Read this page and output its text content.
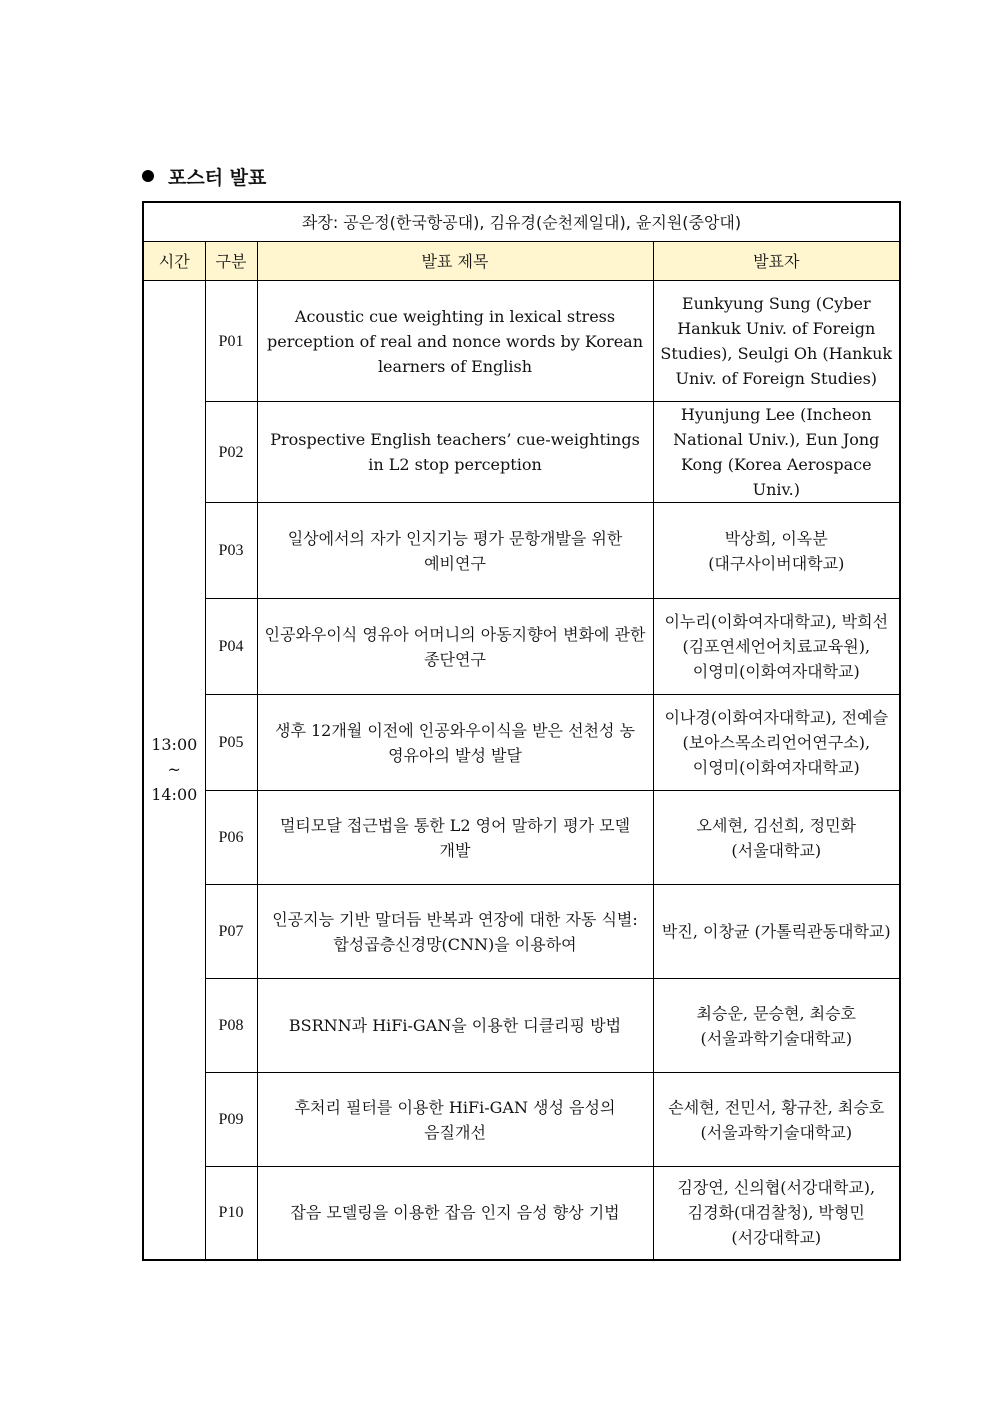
포스터 발표
좌장: 공은정(한국항공대), 김유경(순천제일대), 윤지원(중앙대)			
시간	구분	발표 제목	발표자

13:00
~
14:00	P01	Acoustic cue weighting in lexical stress perception of real and nonce words by Korean learners of English	Eunkyung Sung (Cyber Hankuk Univ. of Foreign Studies), Seulgi Oh (Hankuk Univ. of Foreign Studies)
	P02	Prospective English teachers’ cue-weightings in L2 stop perception	Hyunjung Lee (Incheon National Univ.), Eun Jong Kong (Korea Aerospace Univ.)
	P03	일상에서의 자가 인지기능 평가 문항개발을 위한 예비연구	박상희, 이옥분 (대구사이버대학교)
	P04	인공와우이식 영유아 어머니의 아동지향어 변화에 관한 종단연구	이누리(이화여자대학교), 박희선(김포연세언어치료교육원), 이영미(이화여자대학교)
	P05	생후 12개월 이전에 인공와우이식을 받은 선천성 농 영유아의 발성 발달	이나경(이화여자대학교), 전예슬(보아스목소리언어연구소), 이영미(이화여자대학교)
	P06	멀티모달 접근법을 통한 L2 영어 말하기 평가 모델 개발	오세현, 김선희, 정민화 (서울대학교)
	P07	인공지능 기반 말더듬 반복과 연장에 대한 자동 식별: 합성곱층신경망(CNN)을 이용하여	박진, 이창균 (가톨릭관동대학교)
	P08	BSRNN과 HiFi-GAN을 이용한 디클리핑 방법	최승운, 문승현, 최승호 (서울과학기술대학교)
	P09	후처리 필터를 이용한 HiFi-GAN 생성 음성의 음질개선	손세현, 전민서, 황규찬, 최승호(서울과학기술대학교)
	P10	잡음 모델링을 이용한 잡음 인지 음성 향상 기법	김장연, 신의협(서강대학교), 김경화(대검찰청), 박형민(서강대학교)
